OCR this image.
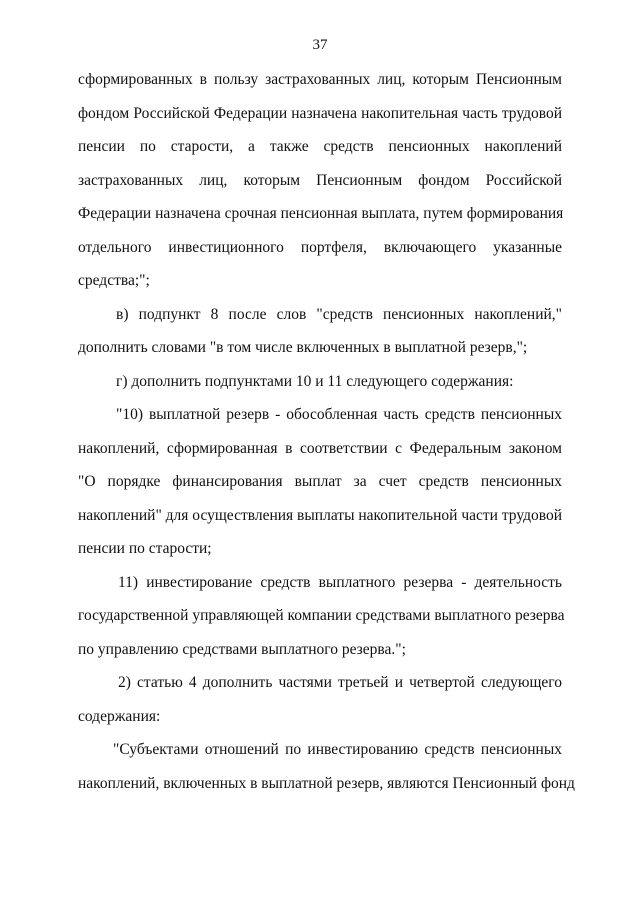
37
сформированных в пользу застрахованных лиц, которым Пенсионным
фондом Российской Федерации назначена накопительная часть трудовой
пенсии по старости, а также средств пенсионных накоплений
застрахованных лиц, которым Пенсионным фондом Российской
Федерации назначена срочная пенсионная выплата, путем формирования
отдельного инвестиционного портфеля, включающего указанные
средства;";
в) подпункт 8 после слов "средств пенсионных накоплений,"
дополнить словами "в том числе включенных в выплатной резерв,";
г) дополнить подпунктами 10 и 11 следующего содержания:
"10) выплатной резерв - обособленная часть средств пенсионных
накоплений, сформированная в соответствии с Федеральным законом
"О порядке финансирования выплат за счет средств пенсионных
накоплений" для осуществления выплаты накопительной части трудовой
пенсии по старости;
11) инвестирование средств выплатного резерва - деятельность
государственной управляющей компании средствами выплатного резерва
по управлению средствами выплатного резерва.";
2) статью 4 дополнить частями третьей и четвертой следующего
содержания:
"Субъектами отношений по инвестированию средств пенсионных
накоплений, включенных в выплатной резерв, являются Пенсионный фонд
